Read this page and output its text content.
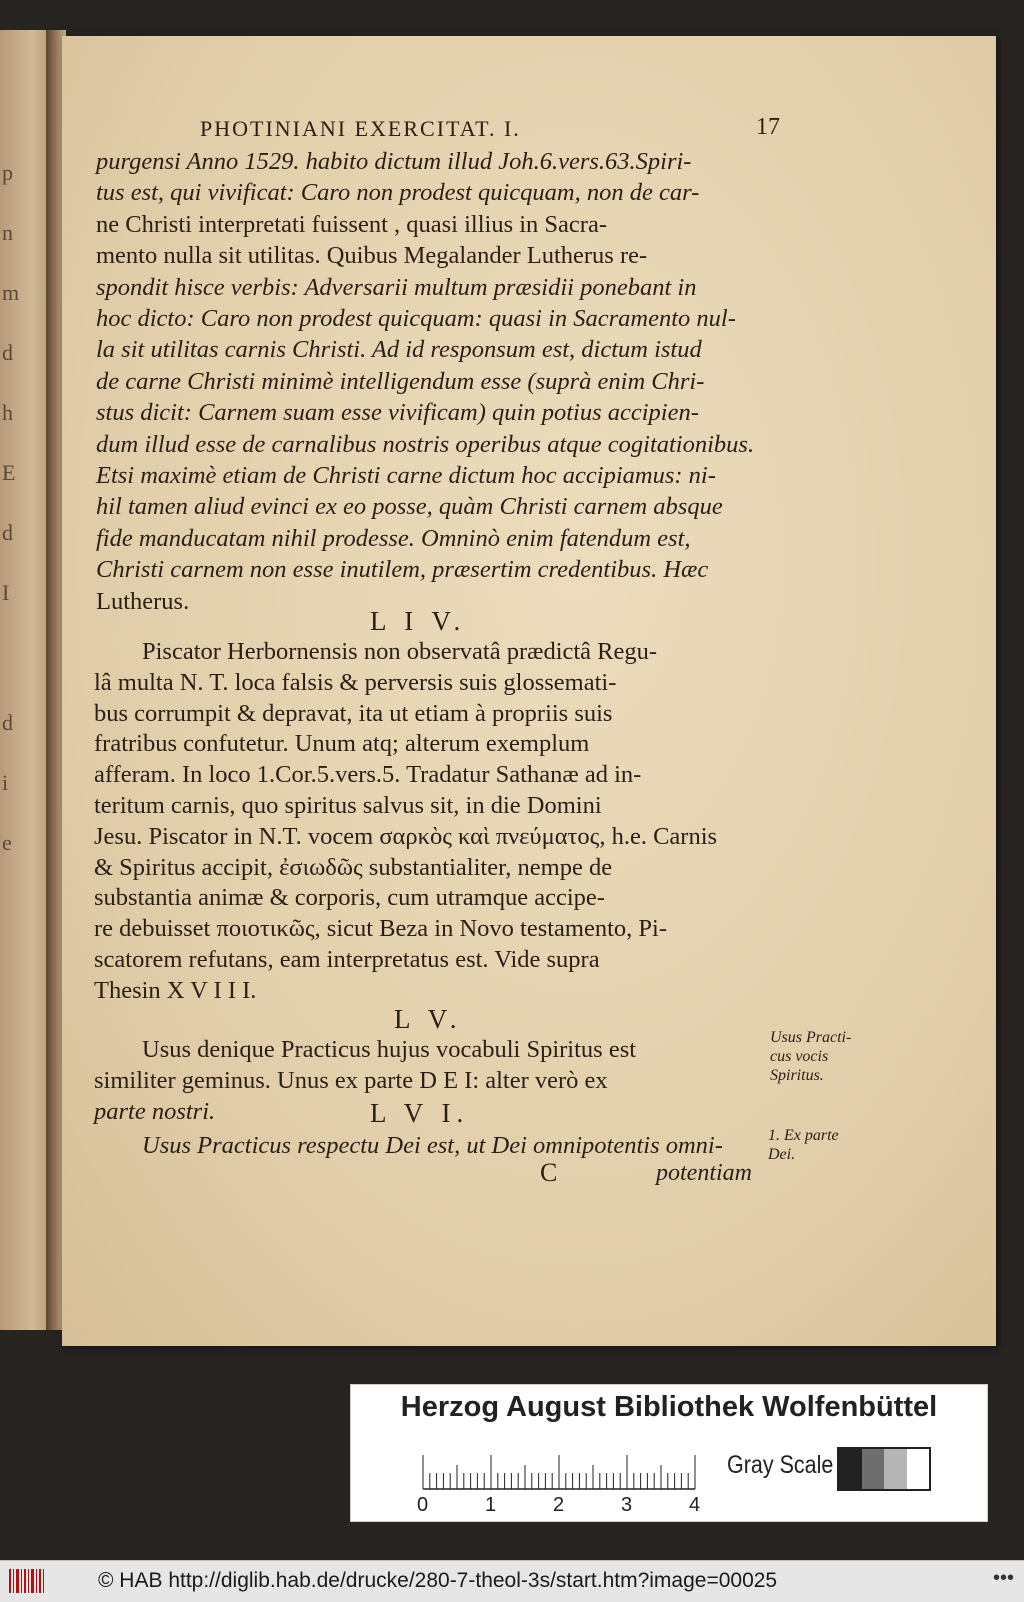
p
n
m
d
h
E
d
I
d
i
e
PHOTINIANI EXERCITAT. I.	17
L I V.
L V.
L V I.
Usus Practicus respectu Dei est, ut Dei omnipotentis omni-
Usus Practi-
cus vocis
Spiritus.
1. Ex parte
Dei.
C	potentiam
Herzog August Bibliothek Wolfenbüttel
0	1	2	3	4
Gray Scale
purgensi Anno 1529. habito dictum illud Joh.6.vers.63.Spiri-
tus est, qui vivificat: Caro non prodest quicquam, non de car-
ne Christi interpretati fuissent , quasi illius in Sacra-
mento nulla sit utilitas. Quibus Megalander Lutherus re-
spondit hisce verbis: Adversarii multum præsidii ponebant in
hoc dicto: Caro non prodest quicquam: quasi in Sacramento nul-
la sit utilitas carnis Christi. Ad id responsum est, dictum istud
de carne Christi minimè intelligendum esse (suprà enim Chri-
stus dicit: Carnem suam esse vivificam) quin potius accipien-
dum illud esse de carnalibus nostris operibus atque cogitationibus.
Etsi maximè etiam de Christi carne dictum hoc accipiamus: ni-
hil tamen aliud evinci ex eo posse, quàm Christi carnem absque
fide manducatam nihil prodesse. Omninò enim fatendum est,
Christi carnem non esse inutilem, præsertim credentibus. Hæc
Lutherus.
Piscator Herbornensis non observatâ prædictâ Regu-
lâ multa N. T. loca falsis & perversis suis glossemati-
bus corrumpit & depravat, ita ut etiam à propriis suis
fratribus confutetur. Unum atq; alterum exemplum
afferam. In loco 1.Cor.5.vers.5. Tradatur Sathanæ ad in-
teritum carnis, quo spiritus salvus sit, in die Domini
Jesu. Piscator in N.T. vocem σαρκὸς καὶ πνεύματος, h.e. Carnis
& Spiritus accipit, ἐσιωδῶς substantialiter, nempe de
substantia animæ & corporis, cum utramque accipe-
re debuisset ποιοτικῶς, sicut Beza in Novo testamento, Pi-
scatorem refutans, eam interpretatus est. Vide supra
Thesin X V I I I.
Usus denique Practicus hujus vocabuli Spiritus est
similiter geminus. Unus ex parte D E I: alter verò ex
parte nostri.
© HAB http://diglib.hab.de/drucke/280-7-theol-3s/start.htm?image=00025	•••
